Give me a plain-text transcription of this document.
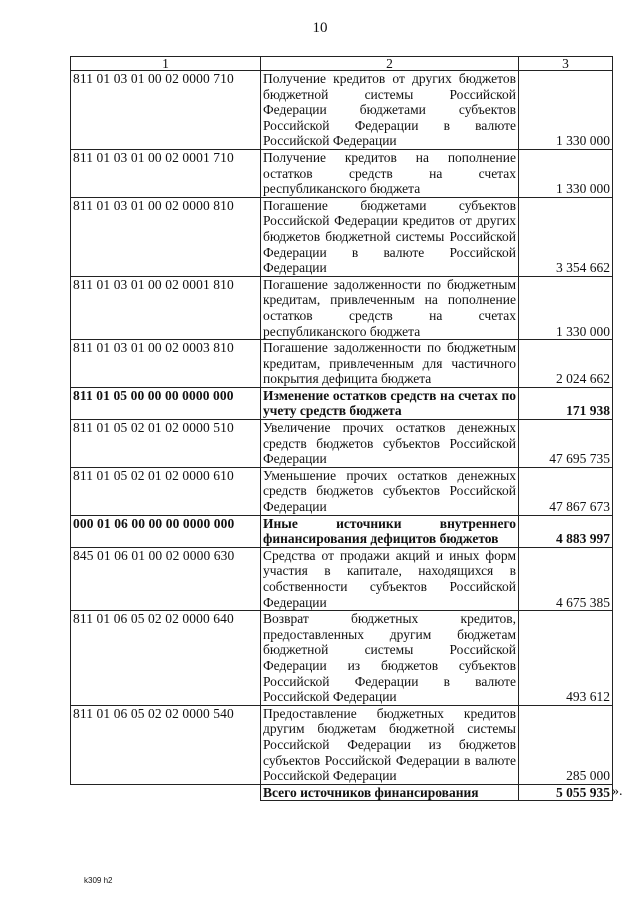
10
1	2	3
811 01 03 01 00 02 0000 710	Получение кредитов от других бюджетов бюджетной системы Российской Федерации бюджетами субъектов Российской Федерации в валюте Российской Федерации	1 330 000
811 01 03 01 00 02 0001 710	Получение кредитов на пополнение остатков средств на счетах республиканского бюджета	1 330 000
811 01 03 01 00 02 0000 810	Погашение бюджетами субъектов Российской Федерации кредитов от других бюджетов бюджетной системы Российской Федерации в валюте Российской Федерации	3 354 662
811 01 03 01 00 02 0001 810	Погашение задолженности по бюджетным кредитам, привлеченным на пополнение остатков средств на счетах республиканского бюджета	1 330 000
811 01 03 01 00 02 0003 810	Погашение задолженности по бюджетным кредитам, привлеченным для частичного покрытия дефицита бюджета	2 024 662
811 01 05 00 00 00 0000 000	Изменение остатков средств на счетах по учету средств бюджета	171 938
811 01 05 02 01 02 0000 510	Увеличение прочих остатков денежных средств бюджетов субъектов Российской Федерации	47 695 735
811 01 05 02 01 02 0000 610	Уменьшение прочих остатков денежных средств бюджетов субъектов Российской Федерации	47 867 673
000 01 06 00 00 00 0000 000	Иные источники внутреннего финансирования дефицитов бюджетов	4 883 997
845 01 06 01 00 02 0000 630	Средства от продажи акций и иных форм участия в капитале, находящихся в собственности субъектов Российской Федерации	4 675 385
811 01 06 05 02 02 0000 640	Возврат бюджетных кредитов, предоставленных другим бюджетам бюджетной системы Российской Федерации из бюджетов субъектов Российской Федерации в валюте Российской Федерации	493 612
811 01 06 05 02 02 0000 540	Предоставление бюджетных кредитов другим бюджетам бюджетной системы Российской Федерации из бюджетов субъектов Российской Федерации в валюте Российской Федерации	285 000
	Всего источников финансирования	5 055 935 ».
k309 h2
